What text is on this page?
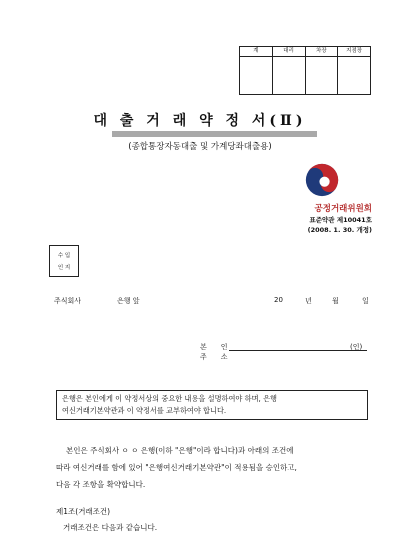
계	대리	차장	지점장

대 출 거 래 약 정 서(Ⅱ)
(종합통장자동대출 및 가계당좌대출용)
공정거래위원회
표준약관 제10041호
(2008. 1. 30. 개정)
수 입
인 지
주식회사	은행 앞	20	년	월	일
본인	(인)
주소
은행은 본인에게 이 약정서상의 중요한 내용을 설명하여야 하며, 은행
여신거래기본약관과 이 약정서를 교부하여야 합니다.

본인은 주식회사 ㅇ ㅇ 은행(이하 "은행"이라 합니다)과 아래의 조건에

따라 여신거래를 함에 있어 "은행여신거래기본약관"이 적용됨을 승인하고,

다음 각 조항을 확약합니다.

제1조(거래조건)
거래조건은 다음과 같습니다.
